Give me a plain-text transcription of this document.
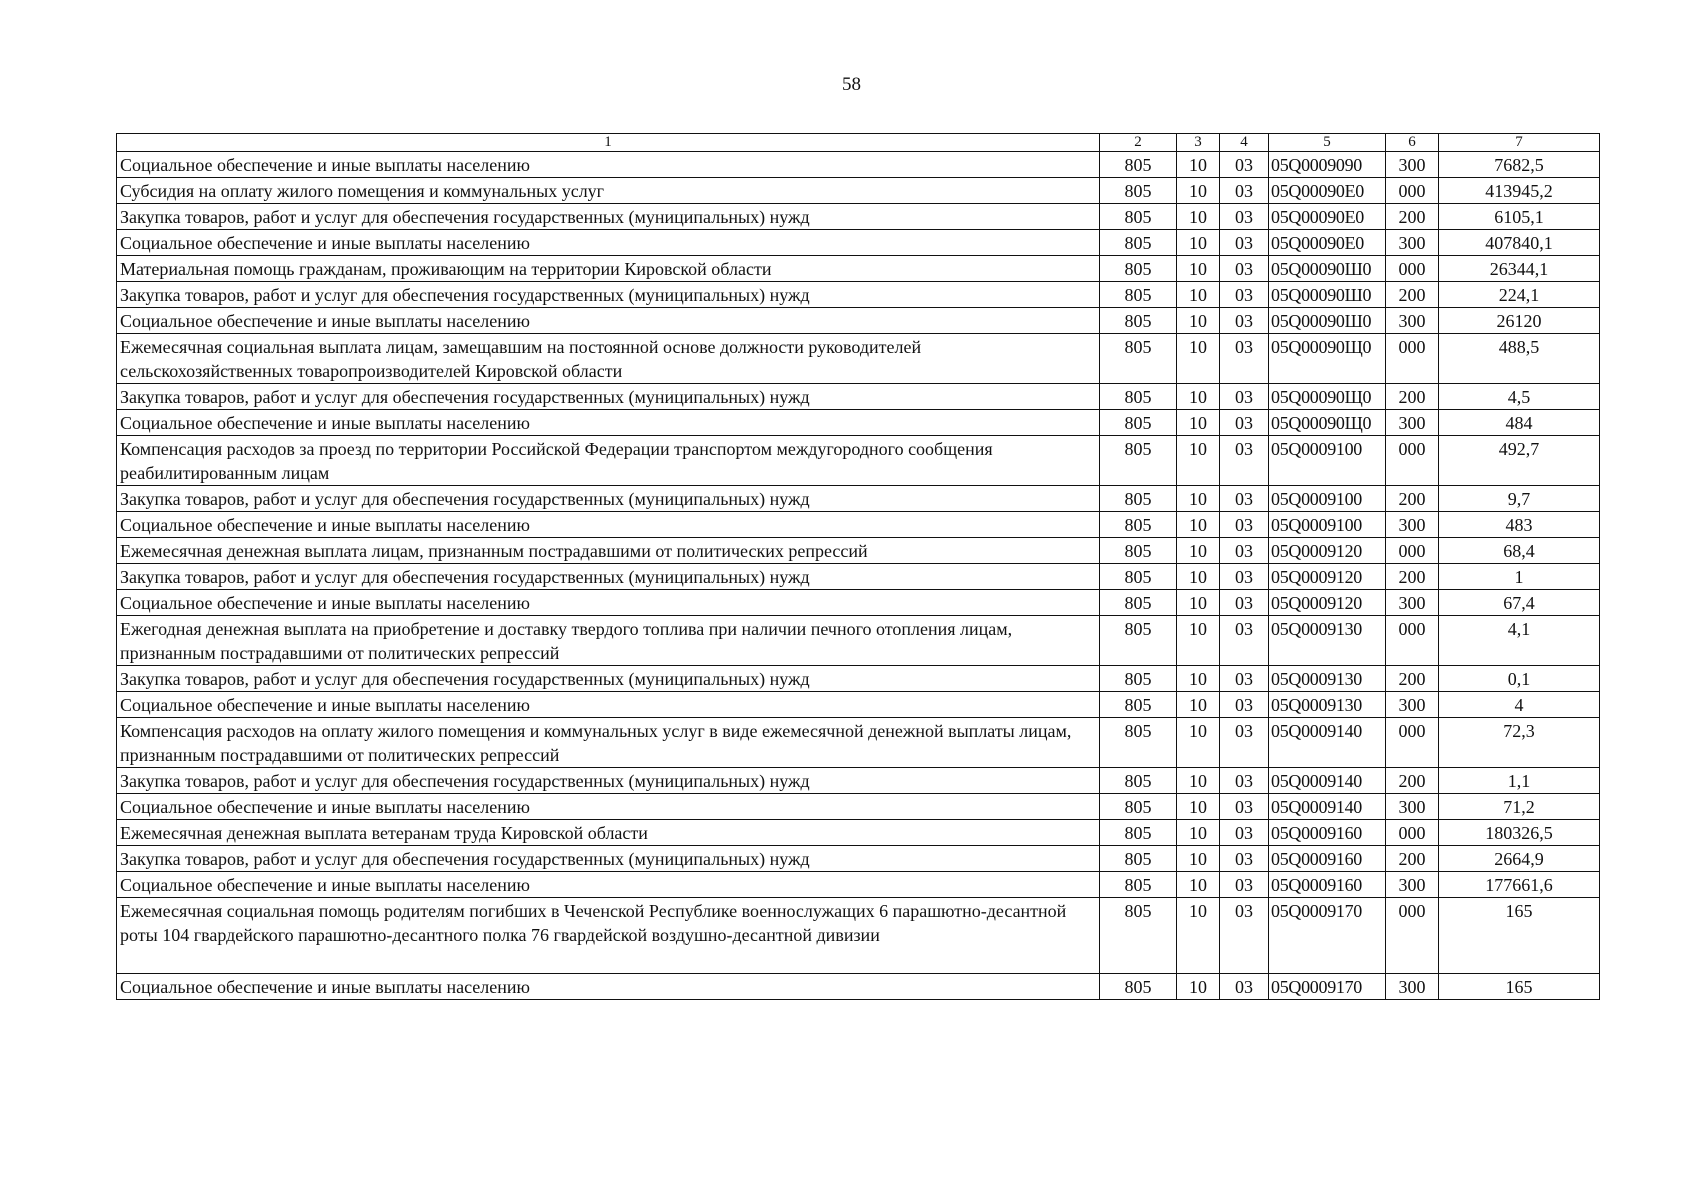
58
1	2	3	4	5	6	7
Социальное обеспечение и иные выплаты населению	805	10	03	05Q0009090	300	7682,5
Субсидия на оплату жилого помещения и коммунальных услуг	805	10	03	05Q00090E0	000	413945,2
Закупка товаров, работ и услуг для обеспечения государственных (муниципальных) нужд	805	10	03	05Q00090E0	200	6105,1
Социальное обеспечение и иные выплаты населению	805	10	03	05Q00090E0	300	407840,1
Материальная помощь гражданам, проживающим на территории Кировской области	805	10	03	05Q00090Ш0	000	26344,1
Закупка товаров, работ и услуг для обеспечения государственных (муниципальных) нужд	805	10	03	05Q00090Ш0	200	224,1
Социальное обеспечение и иные выплаты населению	805	10	03	05Q00090Ш0	300	26120
Ежемесячная социальная выплата лицам, замещавшим на постоянной основе должности руководителей сельскохозяйственных товаропроизводителей Кировской области	805	10	03	05Q00090Щ0	000	488,5
Закупка товаров, работ и услуг для обеспечения государственных (муниципальных) нужд	805	10	03	05Q00090Щ0	200	4,5
Социальное обеспечение и иные выплаты населению	805	10	03	05Q00090Щ0	300	484
Компенсация расходов за проезд по территории Российской Федерации транспортом междугородного сообщения реабилитированным лицам	805	10	03	05Q0009100	000	492,7
Закупка товаров, работ и услуг для обеспечения государственных (муниципальных) нужд	805	10	03	05Q0009100	200	9,7
Социальное обеспечение и иные выплаты населению	805	10	03	05Q0009100	300	483
Ежемесячная денежная выплата лицам, признанным пострадавшими от политических репрессий	805	10	03	05Q0009120	000	68,4
Закупка товаров, работ и услуг для обеспечения государственных (муниципальных) нужд	805	10	03	05Q0009120	200	1
Социальное обеспечение и иные выплаты населению	805	10	03	05Q0009120	300	67,4
Ежегодная денежная выплата на приобретение и доставку твердого топлива при наличии печного отопления лицам, признанным пострадавшими от политических репрессий	805	10	03	05Q0009130	000	4,1
Закупка товаров, работ и услуг для обеспечения государственных (муниципальных) нужд	805	10	03	05Q0009130	200	0,1
Социальное обеспечение и иные выплаты населению	805	10	03	05Q0009130	300	4
Компенсация расходов на оплату жилого помещения и коммунальных услуг в виде ежемесячной денежной выплаты лицам, признанным пострадавшими от политических репрессий	805	10	03	05Q0009140	000	72,3
Закупка товаров, работ и услуг для обеспечения государственных (муниципальных) нужд	805	10	03	05Q0009140	200	1,1
Социальное обеспечение и иные выплаты населению	805	10	03	05Q0009140	300	71,2
Ежемесячная денежная выплата ветеранам труда Кировской области	805	10	03	05Q0009160	000	180326,5
Закупка товаров, работ и услуг для обеспечения государственных (муниципальных) нужд	805	10	03	05Q0009160	200	2664,9
Социальное обеспечение и иные выплаты населению	805	10	03	05Q0009160	300	177661,6
Ежемесячная социальная помощь родителям погибших в Чеченской Республике военнослужащих 6 парашютно-десантной роты 104 гвардейского парашютно-десантного полка 76 гвардейской воздушно-десантной дивизии	805	10	03	05Q0009170	000	165
Социальное обеспечение и иные выплаты населению	805	10	03	05Q0009170	300	165
